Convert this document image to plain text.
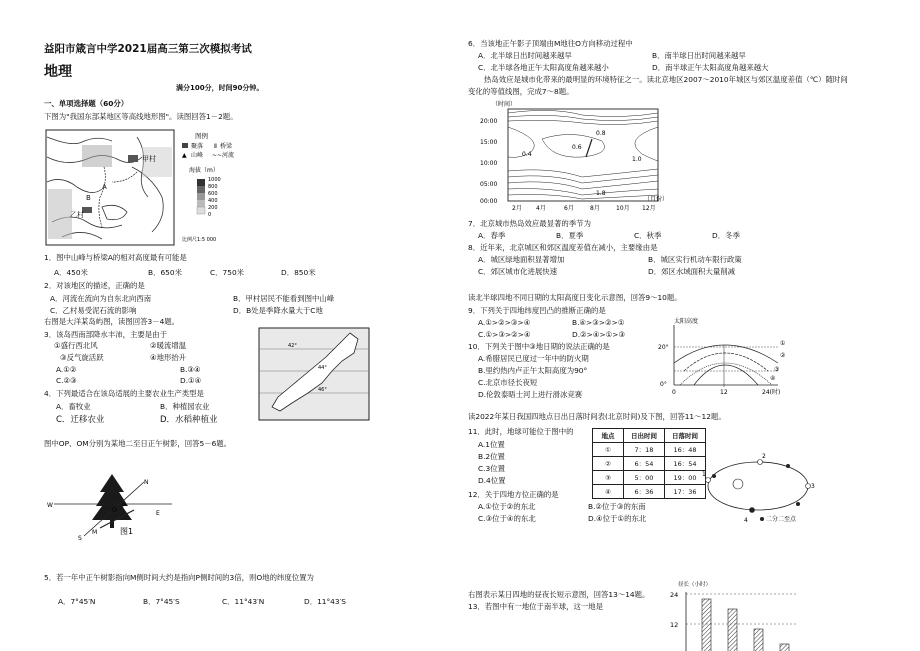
益阳市箴言中学2021届高三第三次模拟考试
地理
满分100分，时间90分钟。
一、单项选择题（60分）
下图为"我国东部某地区等高线地形图"。读图回答1－2题。
甲村
乙村
A
B
图例
聚落 Ⅱ 桥梁
▲ 山峰 ~~ 河流
海拔（m）
1000
800
600
400
200
0
比例尺1:5 000
1．图中山峰与桥梁A的相对高度最有可能是
A．450米	B．650米	C．750米	D．850米
2．对该地区的描述，正确的是
A．河流在流向为自东北向西南	B．甲村居民不能看到图中山峰
C．乙村易受泥石流的影响	D．B处是季降水量大于C地
右图是大洋某岛屿图，读图回答3－4题。
3．该岛西南部降水丰沛，主要是由于
①盛行西北风	②暖流增温
③反气旋活跃	④地形抬升
A.①②	B.③④
C.②③	D.①④
42°
44°
46°
4．下列最适合在该岛适展的主要农业生产类型是
A．畜牧业	B．种植园农业
C．迁移农业	D．水稻种植业
图中OP、OM分别为某地二至日正午树影，回答5－6题。
W
N
S
M
O
P
E
图1
5．若一年中正午树影指向M侧时间大约是指向P侧时间的3倍，则O地的纬度位置为
A．7°45′N	B．7°45′S	C．11°43′N	D．11°43′S
6．当该地正午影子顶端由M地往O方向移动过程中
A．北半球日出时间越来越早	B．南半球日出时间越来越早
C．北半球各地正午太阳高度角越来越小	D．南半球正午太阳高度角越来越大
热岛效应是城市化带来的最明显的环境特征之一。读北京地区2007～2010年城区与郊区温度差值（℃）随时间
变化的等值线图，完成7～8题。
（时间）
20:00
15:00
10:00
05:00
00:00
0.4
0.6
0.8
1.0
1.8
2月 4月	6月	8月	10月 12月
（月份）
7．北京城市热岛效应最显著的季节为
A．春季	B．夏季	C．秋季	D．冬季
8．近年来，北京城区和郊区温度差值在减小，主要缘由是
A．城区绿地面积显著增加	B．城区实行机动车限行政策
C．郊区城市化进展快速	D．郊区水域面积大量削减
读北半球四地不同日期的太阳高度日变化示意图，回答9～10题。
9．下列关于四地纬度凹凸的推断正确的是
A.①>②>③>④	B.④>③>②>①
C.①>③>②>④	D.②>④>①>③
太阳高度
20°
0°
0	12	24(时)
①
②
③
④
10．下列关于图中③地日期的说法正确的是
A.希腊居民已度过一年中的防火期
B.里约热内卢正午太阳高度为90°
C.北京市径长夜短
D.伦敦泰晤士河上进行滑冰竞赛
读2022年某日我国四地点日出日落时间表(北京时间)及下图，回答11～12题。
11．此时，地球可能位于图中的
A.1位置
B.2位置
C.3位置
D.4位置
地点	日出时间	日落时间
①	7：18	16：48
②	6：54	16：54
③	5：00	19：00
④	6：36	17：36
2
1
3
4	二分二至点
12．关于四地方位正确的是
A.①位于②的东北	B.②位于③的东南
C.③位于④的东北	D.④位于①的东北
右图表示某日四地的昼夜长短示意图，回答13～14题。
13．若图中有一地位于南半球，这一地是
昼长（小时）
24
12
